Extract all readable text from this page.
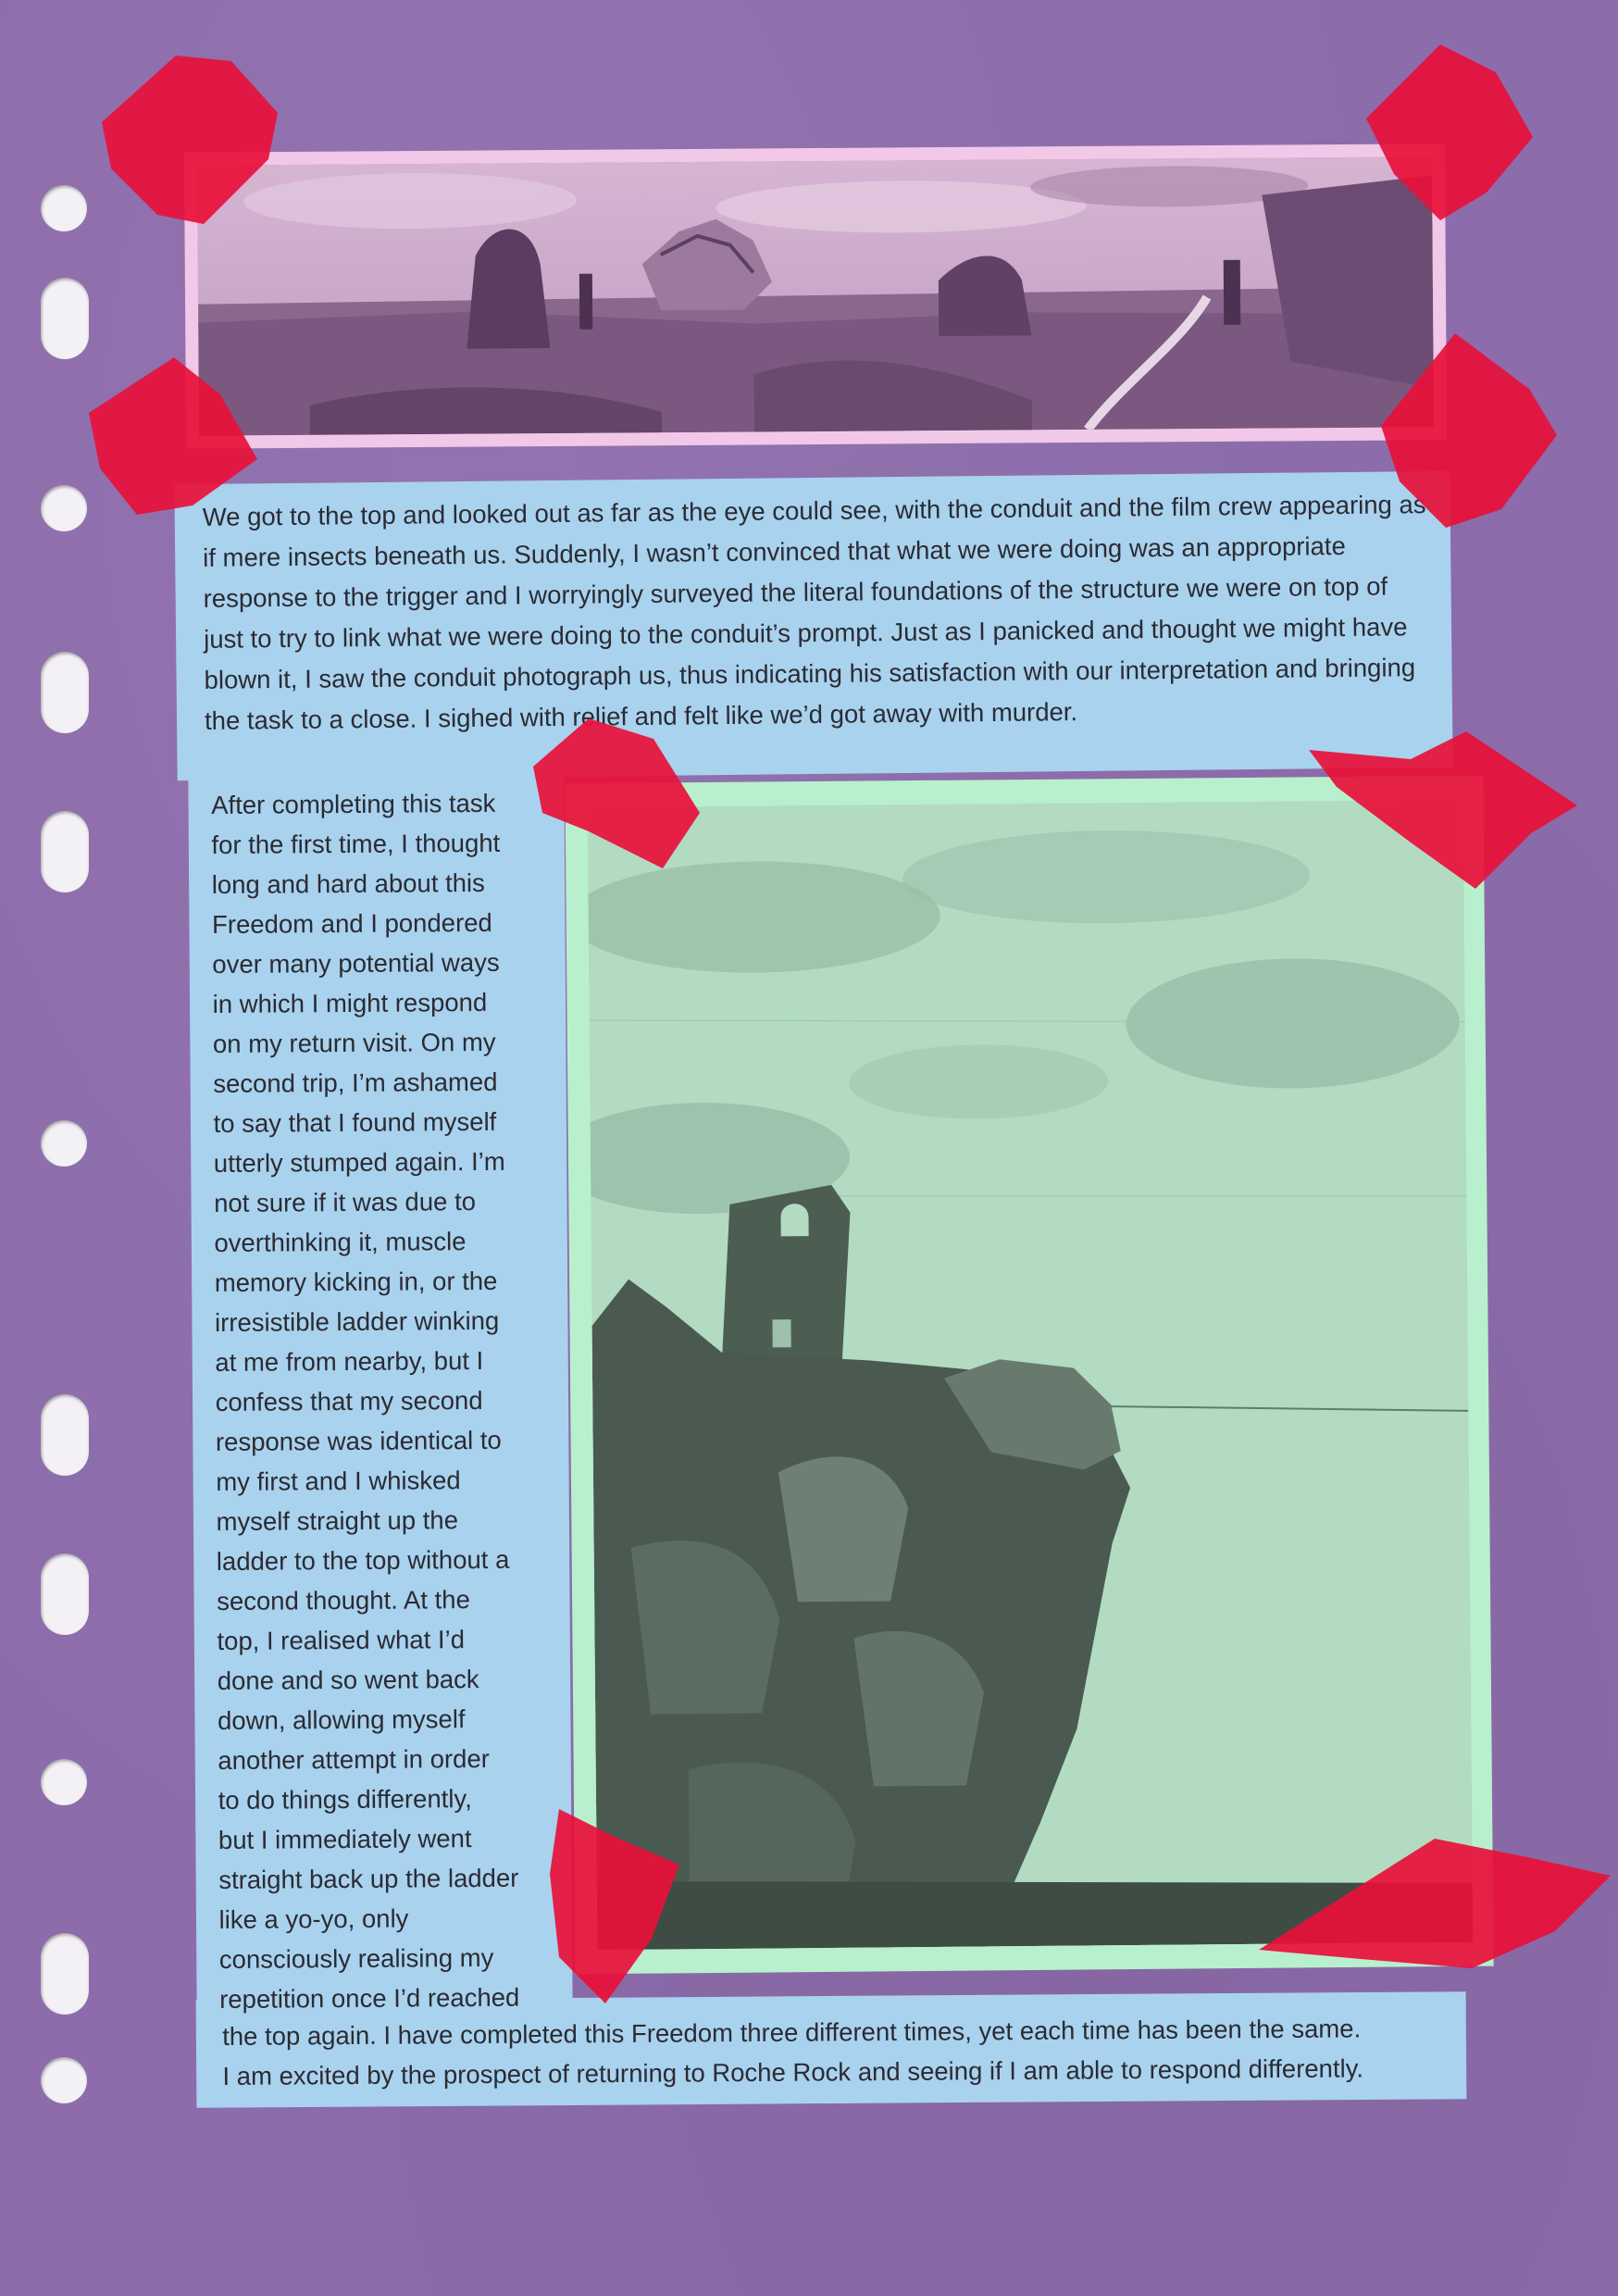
We got to the top and looked out as far as the eye could see, with the conduit and the film crew appearing as if mere insects beneath us. Suddenly, I wasn’t convinced that what we were doing was an appropriate response to the trigger and I worryingly surveyed the literal foundations of the structure we were on top of just to try to link what we were doing to the conduit’s prompt. Just as I panicked and thought we might have blown it, I saw the conduit photograph us, thus indicating his satisfaction with our interpretation and bringing the task to a close. I sighed with relief and felt like we’d got away with murder.

After completing this task
for the first time, I thought
long and hard about this
Freedom and I pondered
over many potential ways
in which I might respond
on my return visit. On my
second trip, I’m ashamed
to say that I found myself
utterly stumped again. I’m
not sure if it was due to
overthinking it, muscle
memory kicking in, or the
irresistible ladder winking
at me from nearby, but I
confess that my second
response was identical to
my first and I whisked
myself straight up the
ladder to the top without a
second thought. At the
top, I realised what I’d
done and so went back
down, allowing myself
another attempt in order
to do things differently,
but I immediately went
straight back up the ladder
like a yo-yo, only
consciously realising my
repetition once I’d reached
the top again. I have completed this Freedom three different times, yet each time has been the same.
I am excited by the prospect of returning to Roche Rock and seeing if I am able to respond differently.
